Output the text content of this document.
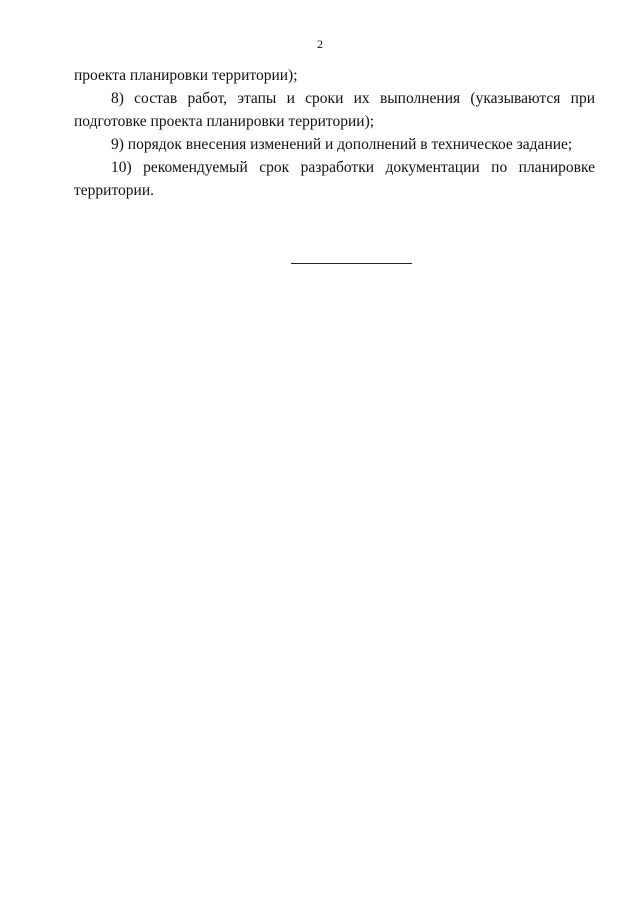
2
проекта планировки территории);
8) состав работ, этапы и сроки их выполнения (указываются при
подготовке проекта планировки территории);
9) порядок внесения изменений и дополнений в техническое задание;
10) рекомендуемый срок разработки документации по планировке
территории.
